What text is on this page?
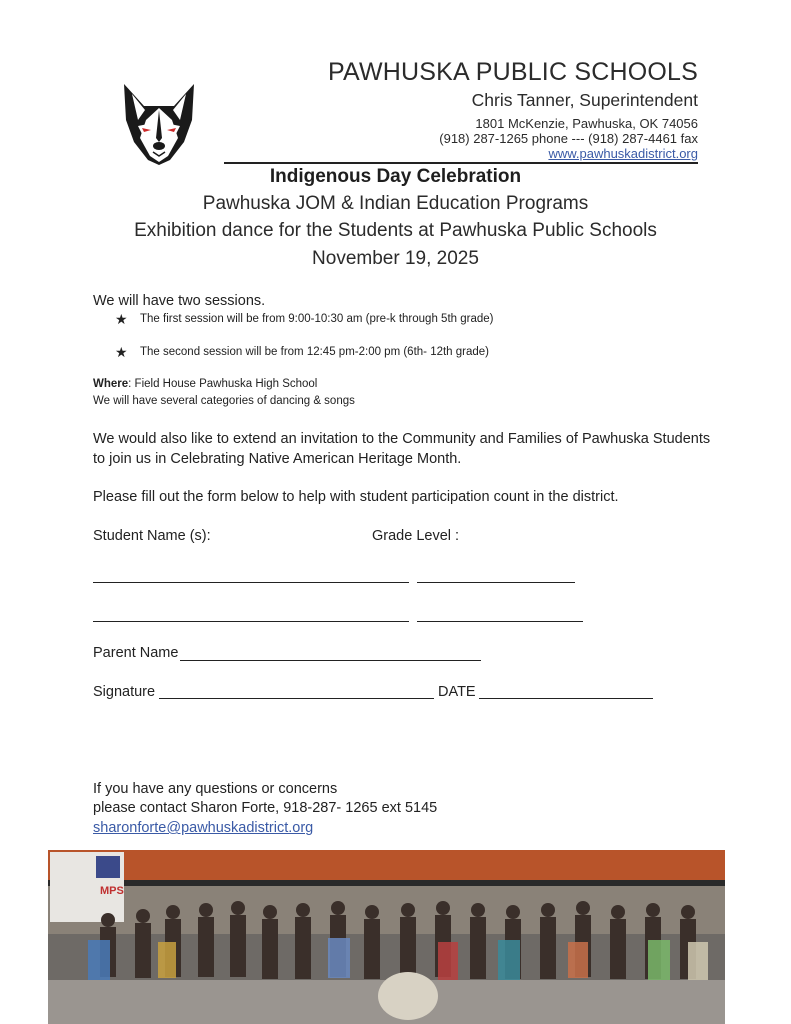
PAWHUSKA PUBLIC SCHOOLS
Chris Tanner, Superintendent
1801 McKenzie, Pawhuska, OK 74056
(918) 287-1265 phone --- (918) 287-4461 fax
www.pawhuskadistrict.org
Indigenous Day Celebration
Pawhuska JOM & Indian Education Programs
Exhibition dance for the Students at Pawhuska Public Schools
November 19, 2025
We will have two sessions.
★ The first session will be from 9:00-10:30 am (pre-k through 5th grade)
★ The second session will be from 12:45 pm-2:00 pm (6th- 12th grade)
Where: Field House Pawhuska High School
We will have several categories of dancing & songs
We would also like to extend an invitation to the Community and Families of Pawhuska Students
to join us in Celebrating Native American Heritage Month.
Please fill out the form below to help with student participation count in the district.
Student Name (s):	Grade Level :
Parent Name
Signature	DATE
If you have any questions or concerns
please contact Sharon Forte, 918-287- 1265 ext 5145
sharonforte@pawhuskadistrict.org
MPS
